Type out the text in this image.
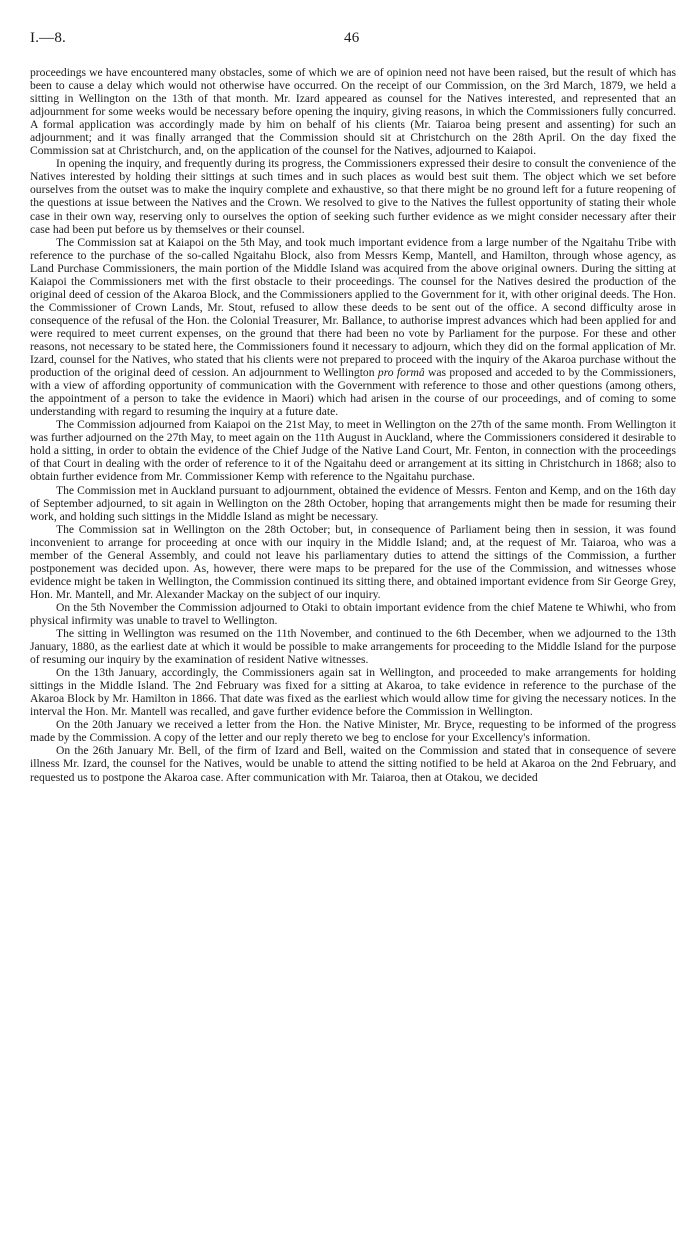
I.—8.	46

proceedings we have encountered many obstacles, some of which we are of opinion need not have been raised, but the result of which has been to cause a delay which would not otherwise have occurred. On the receipt of our Commission, on the 3rd March, 1879, we held a sitting in Wellington on the 13th of that month. Mr. Izard appeared as counsel for the Natives interested, and represented that an adjournment for some weeks would be necessary before opening the inquiry, giving reasons, in which the Commissioners fully concurred. A formal application was accordingly made by him on behalf of his clients (Mr. Taiaroa being present and assenting) for such an adjournment; and it was finally arranged that the Commission should sit at Christchurch on the 28th April. On the day fixed the Commission sat at Christchurch, and, on the application of the counsel for the Natives, adjourned to Kaiapoi.

In opening the inquiry, and frequently during its progress, the Commissioners expressed their desire to consult the convenience of the Natives interested by holding their sittings at such times and in such places as would best suit them. The object which we set before ourselves from the outset was to make the inquiry complete and exhaustive, so that there might be no ground left for a future reopening of the questions at issue between the Natives and the Crown. We resolved to give to the Natives the fullest opportunity of stating their whole case in their own way, reserving only to ourselves the option of seeking such further evidence as we might consider necessary after their case had been put before us by themselves or their counsel.

The Commission sat at Kaiapoi on the 5th May, and took much important evidence from a large number of the Ngaitahu Tribe with reference to the purchase of the so-called Ngaitahu Block, also from Messrs Kemp, Mantell, and Hamilton, through whose agency, as Land Purchase Commissioners, the main portion of the Middle Island was acquired from the above original owners. During the sitting at Kaiapoi the Commissioners met with the first obstacle to their proceedings. The counsel for the Natives desired the production of the original deed of cession of the Akaroa Block, and the Commissioners applied to the Government for it, with other original deeds. The Hon. the Commissioner of Crown Lands, Mr. Stout, refused to allow these deeds to be sent out of the office. A second difficulty arose in consequence of the refusal of the Hon. the Colonial Treasurer, Mr. Ballance, to authorise imprest advances which had been applied for and were required to meet current expenses, on the ground that there had been no vote by Parliament for the purpose. For these and other reasons, not necessary to be stated here, the Commissioners found it necessary to adjourn, which they did on the formal application of Mr. Izard, counsel for the Natives, who stated that his clients were not prepared to proceed with the inquiry of the Akaroa purchase without the production of the original deed of cession. An adjournment to Wellington pro formâ was proposed and acceded to by the Commissioners, with a view of affording opportunity of communication with the Government with reference to those and other questions (among others, the appointment of a person to take the evidence in Maori) which had arisen in the course of our proceedings, and of coming to some understanding with regard to resuming the inquiry at a future date.

The Commission adjourned from Kaiapoi on the 21st May, to meet in Wellington on the 27th of the same month. From Wellington it was further adjourned on the 27th May, to meet again on the 11th August in Auckland, where the Commissioners considered it desirable to hold a sitting, in order to obtain the evidence of the Chief Judge of the Native Land Court, Mr. Fenton, in connection with the proceedings of that Court in dealing with the order of reference to it of the Ngaitahu deed or arrangement at its sitting in Christchurch in 1868; also to obtain further evidence from Mr. Commissioner Kemp with reference to the Ngaitahu purchase.

The Commission met in Auckland pursuant to adjournment, obtained the evidence of Messrs. Fenton and Kemp, and on the 16th day of September adjourned, to sit again in Wellington on the 28th October, hoping that arrangements might then be made for resuming their work, and holding such sittings in the Middle Island as might be necessary.

The Commission sat in Wellington on the 28th October; but, in consequence of Parliament being then in session, it was found inconvenient to arrange for proceeding at once with our inquiry in the Middle Island; and, at the request of Mr. Taiaroa, who was a member of the General Assembly, and could not leave his parliamentary duties to attend the sittings of the Commission, a further postponement was decided upon. As, however, there were maps to be prepared for the use of the Commission, and witnesses whose evidence might be taken in Wellington, the Commission continued its sitting there, and obtained important evidence from Sir George Grey, Hon. Mr. Mantell, and Mr. Alexander Mackay on the subject of our inquiry.

On the 5th November the Commission adjourned to Otaki to obtain important evidence from the chief Matene te Whiwhi, who from physical infirmity was unable to travel to Wellington.

The sitting in Wellington was resumed on the 11th November, and continued to the 6th December, when we adjourned to the 13th January, 1880, as the earliest date at which it would be possible to make arrangements for proceeding to the Middle Island for the purpose of resuming our inquiry by the examination of resident Native witnesses.

On the 13th January, accordingly, the Commissioners again sat in Wellington, and proceeded to make arrangements for holding sittings in the Middle Island. The 2nd February was fixed for a sitting at Akaroa, to take evidence in reference to the purchase of the Akaroa Block by Mr. Hamilton in 1866. That date was fixed as the earliest which would allow time for giving the necessary notices. In the interval the Hon. Mr. Mantell was recalled, and gave further evidence before the Commission in Wellington.

On the 20th January we received a letter from the Hon. the Native Minister, Mr. Bryce, requesting to be informed of the progress made by the Commission. A copy of the letter and our reply thereto we beg to enclose for your Excellency's information.

On the 26th January Mr. Bell, of the firm of Izard and Bell, waited on the Commission and stated that in consequence of severe illness Mr. Izard, the counsel for the Natives, would be unable to attend the sitting notified to be held at Akaroa on the 2nd February, and requested us to postpone the Akaroa case. After communication with Mr. Taiaroa, then at Otakou, we decided
